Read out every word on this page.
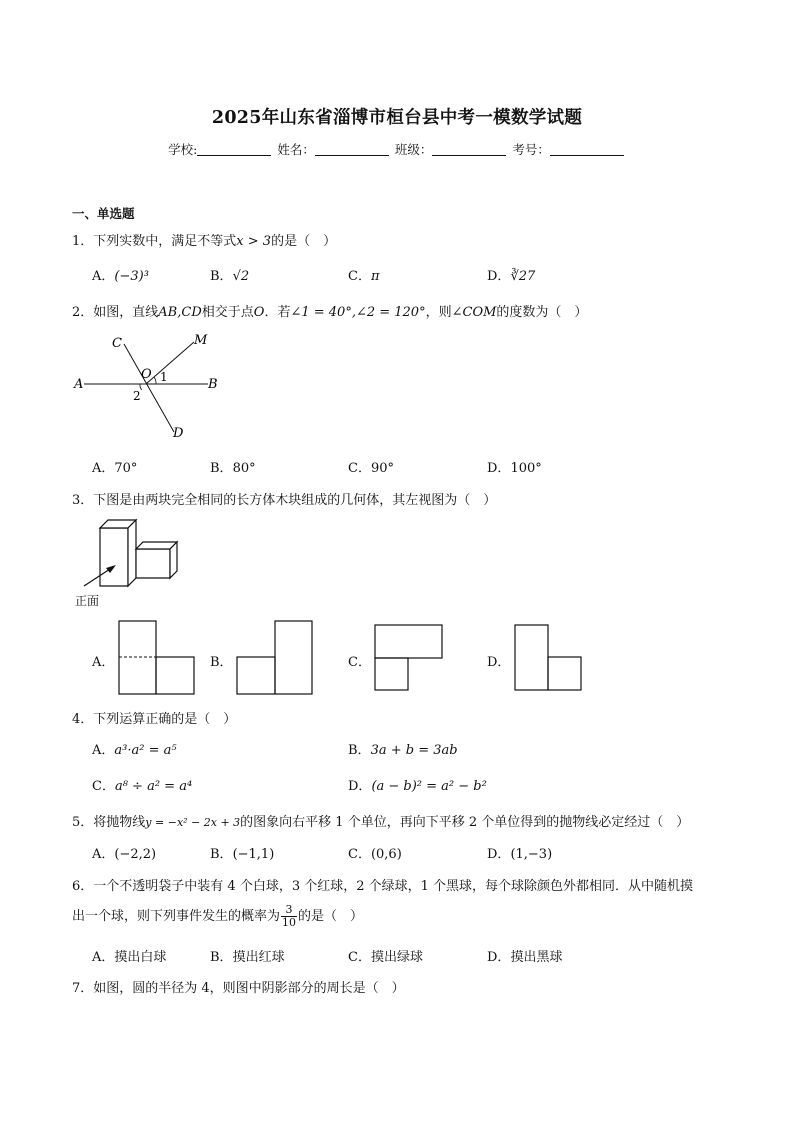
2025年山东省淄博市桓台县中考一模数学试题
学校:	姓名：	班级：	考号：
一、单选题
1．下列实数中，满足不等式x > 3的是（　）
A．(−3)³	B．√2	C．π	D．∛27
2．如图，直线AB,CD相交于点O．若∠1 = 40°,∠2 = 120°，则∠COM的度数为（　）
A	B
C
D
M
O 1
2
A．70°	B．80°	C．90°	D．100°
3．下图是由两块完全相同的长方体木块组成的几何体，其左视图为（　）
正面
A．	B．	C．	D．
4．下列运算正确的是（　）
A．a³·a² = a⁵	B．3a + b = 3ab
C．a⁸ ÷ a² = a⁴	D．(a − b)² = a² − b²
5．将抛物线y = −x² − 2x + 3的图象向右平移 1 个单位，再向下平移 2 个单位得到的抛物线必定经过（　）
A．(−2,2)	B．(−1,1)	C．(0,6)	D．(1,−3)
6．一个不透明袋子中装有 4 个白球，3 个红球，2 个绿球，1 个黑球，每个球除颜色外都相同．从中随机摸
出一个球，则下列事件发生的概率为 $\frac{3}{10}$ 的是（　）
A．摸出白球	B．摸出红球	C．摸出绿球	D．摸出黑球
7．如图，圆的半径为 4，则图中阴影部分的周长是（　）
